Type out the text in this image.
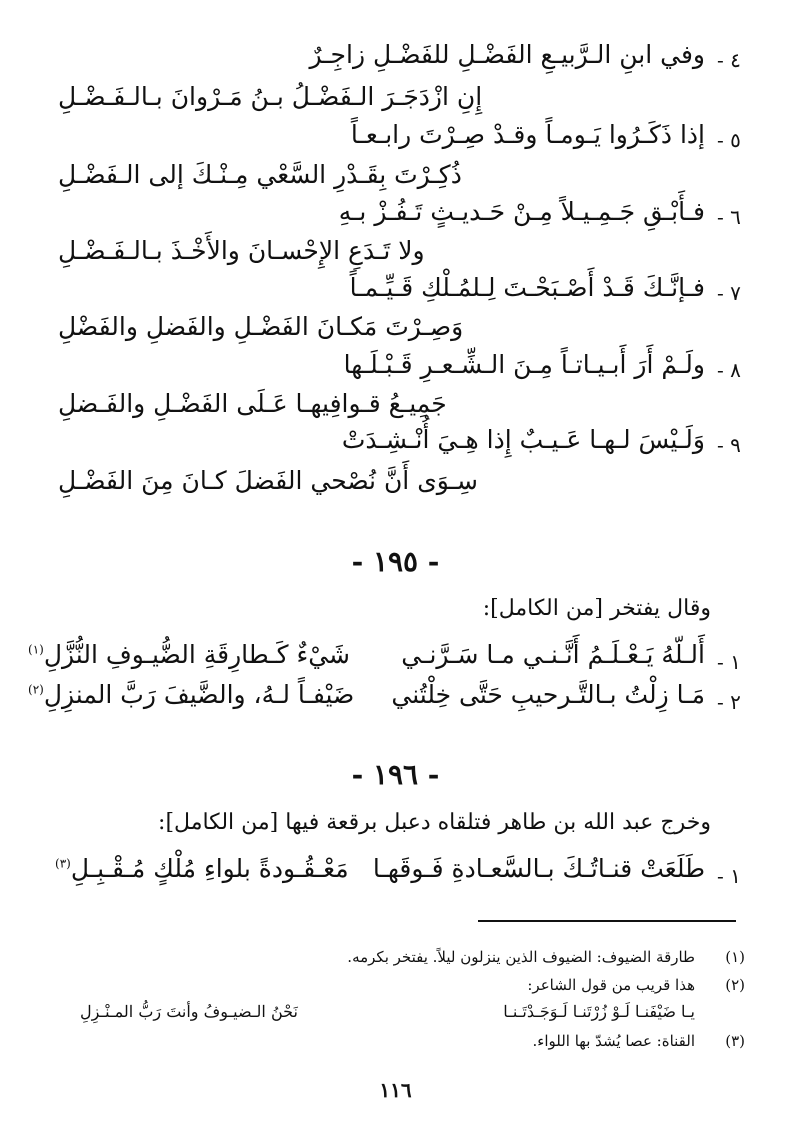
٤ -
وفي ابنِ الـرَّبيـعِ الفَضْـلِ للفَضْـلِ زاجِـرٌ
إِنِ ازْدَجَـرَ الـفَضْـلُ بـنُ مَـرْوانَ بـالـفَـضْـلِ
٥ -
إذا ذَكَـرُوا يَـومـاً وقـدْ صِـرْتَ رابـعـاً
ذُكِـرْتَ بِقَـدْرِ السَّعْي مِـنْـكَ إلى الـفَضْـلِ
٦ -
فـأَبْـقِ جَـمِـيـلاً مِـنْ حَـديـثٍ تَـفُـزْ بـهِ
ولا تَـدَعِ الإِحْسـانَ والأَخْـذَ بـالـفَـضْـلِ
٧ -
فـإنَّـكَ قَـدْ أَصْـبَحْـتَ لِـلمُـلْكِ قَـيِّـمـاً
وَصِـرْتَ مَكـانَ الفَضْـلِ والفَضلِ والفَضْلِ
٨ -
ولَـمْ أَرَ أَبـيـاتـاً مِـنَ الـشِّـعـرِ قَـبْـلَـها
جَمِيـعُ قـوافِيهـا عَـلَى الفَضْـلِ والفَـضلِ
٩ -
وَلَـيْسَ لـهـا عَـيـبٌ إِذا هِـيَ أُنْـشِـدَتْ
سِـوَى أَنَّ نُصْحي الفَضلَ كـانَ مِنَ الفَضْـلِ
- ١٩٥ -
وقال يفتخر [من الكامل]:
١ -
أَلـلّهُ يَـعْـلَـمُ أَنَّـنـي مـا سَـرَّنـي
شَيْءٌ كَـطارِقَةِ الضُّيـوفِ النُّزَّلِ$^{(١)}$
٢ -
مَـا زِلْتُ بـالتَّـرحيبِ حَتَّى خِلْتُني
ضَيْفـاً لـهُ، والضَّيفَ رَبَّ المنزِلِ$^{(٢)}$
- ١٩٦ -
وخرج عبد الله بن طاهر فتلقاه دعبل برقعة فيها [من الكامل]:
١ -
طَلَعَتْ قنـاتُـكَ بـالسَّعـادةِ فَـوقَهـا
مَعْـقُـودةً بلواءِ مُلْكٍ مُـقْـبِـلِ$^{(٣)}$
(١)
طارقة الضيوف: الضيوف الذين ينزلون ليلاً. يفتخر بكرمه.
(٢)
هذا قريب من قول الشاعر:
يـا ضَيْفَنـا لَـوْ زُرْتَنـا لَـوَجَـدْتَـنـا
نَحْنُ الـضيـوفُ وأنتَ رَبُّ المـنْـزِلِ
(٣)
القناة: عصا يُشدّ بها اللواء.
١١٦
